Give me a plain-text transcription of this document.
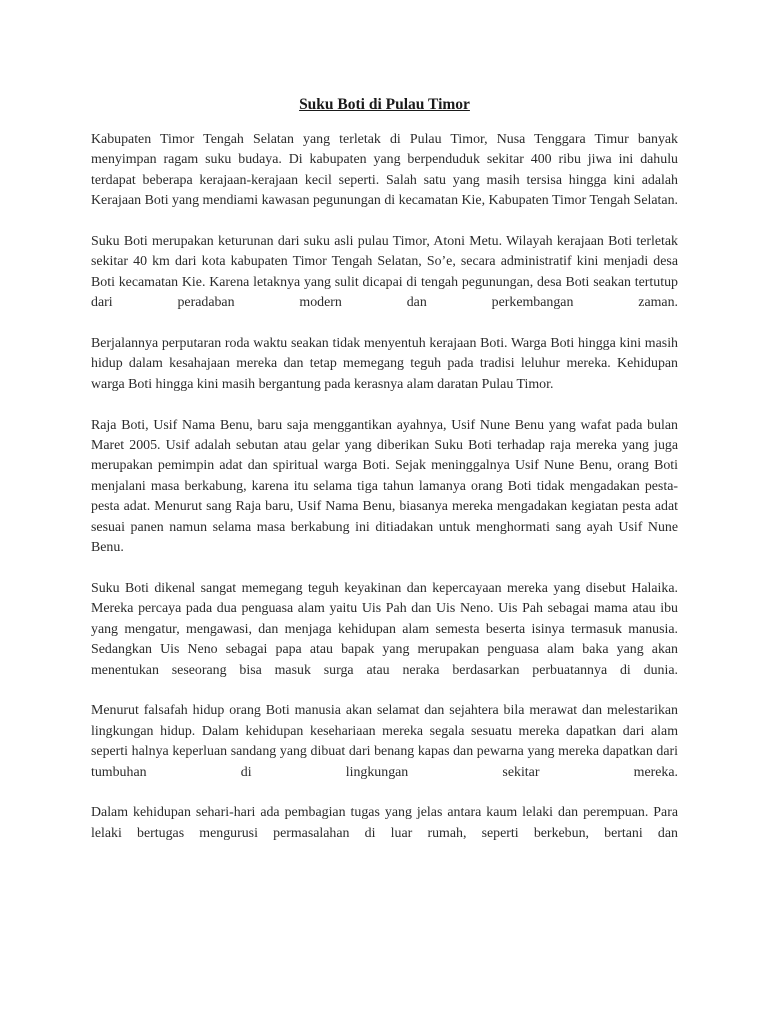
Suku Boti di Pulau Timor

Kabupaten Timor Tengah Selatan yang terletak di Pulau Timor, Nusa Tenggara Timur banyak menyimpan ragam suku budaya. Di kabupaten yang berpenduduk sekitar 400 ribu jiwa ini dahulu terdapat beberapa kerajaan-kerajaan kecil seperti. Salah satu yang masih tersisa hingga kini adalah Kerajaan Boti yang mendiami kawasan pegunungan di kecamatan Kie, Kabupaten Timor Tengah Selatan.

Suku Boti merupakan keturunan dari suku asli pulau Timor, Atoni Metu. Wilayah kerajaan Boti terletak sekitar 40 km dari kota kabupaten Timor Tengah Selatan, So’e, secara administratif kini menjadi desa Boti kecamatan Kie. Karena letaknya yang sulit dicapai di tengah pegunungan, desa Boti seakan tertutup dari peradaban modern dan perkembangan zaman.

Berjalannya perputaran roda waktu seakan tidak menyentuh kerajaan Boti. Warga Boti hingga kini masih hidup dalam kesahajaan mereka dan tetap memegang teguh pada tradisi leluhur mereka. Kehidupan warga Boti hingga kini masih bergantung pada kerasnya alam daratan Pulau Timor.

Raja Boti, Usif Nama Benu, baru saja menggantikan ayahnya, Usif Nune Benu yang wafat pada bulan Maret 2005. Usif adalah sebutan atau gelar yang diberikan Suku Boti terhadap raja mereka yang juga merupakan pemimpin adat dan spiritual warga Boti. Sejak meninggalnya Usif Nune Benu, orang Boti menjalani masa berkabung, karena itu selama tiga tahun lamanya orang Boti tidak mengadakan pesta-pesta adat. Menurut sang Raja baru, Usif Nama Benu, biasanya mereka mengadakan kegiatan pesta adat sesuai panen namun selama masa berkabung ini ditiadakan untuk menghormati sang ayah Usif Nune Benu.

Suku Boti dikenal sangat memegang teguh keyakinan dan kepercayaan mereka yang disebut Halaika. Mereka percaya pada dua penguasa alam yaitu Uis Pah dan Uis Neno. Uis Pah sebagai mama atau ibu yang mengatur, mengawasi, dan menjaga kehidupan alam semesta beserta isinya termasuk manusia. Sedangkan Uis Neno sebagai papa atau bapak yang merupakan penguasa alam baka yang akan menentukan seseorang bisa masuk surga atau neraka berdasarkan perbuatannya di dunia.

Menurut falsafah hidup orang Boti manusia akan selamat dan sejahtera bila merawat dan melestarikan lingkungan hidup. Dalam kehidupan kesehariaan mereka segala sesuatu mereka dapatkan dari alam seperti halnya keperluan sandang yang dibuat dari benang kapas dan pewarna yang mereka dapatkan dari tumbuhan di lingkungan sekitar mereka.

Dalam kehidupan sehari-hari ada pembagian tugas yang jelas antara kaum lelaki dan perempuan. Para lelaki bertugas mengurusi permasalahan di luar rumah, seperti berkebun, bertani dan
